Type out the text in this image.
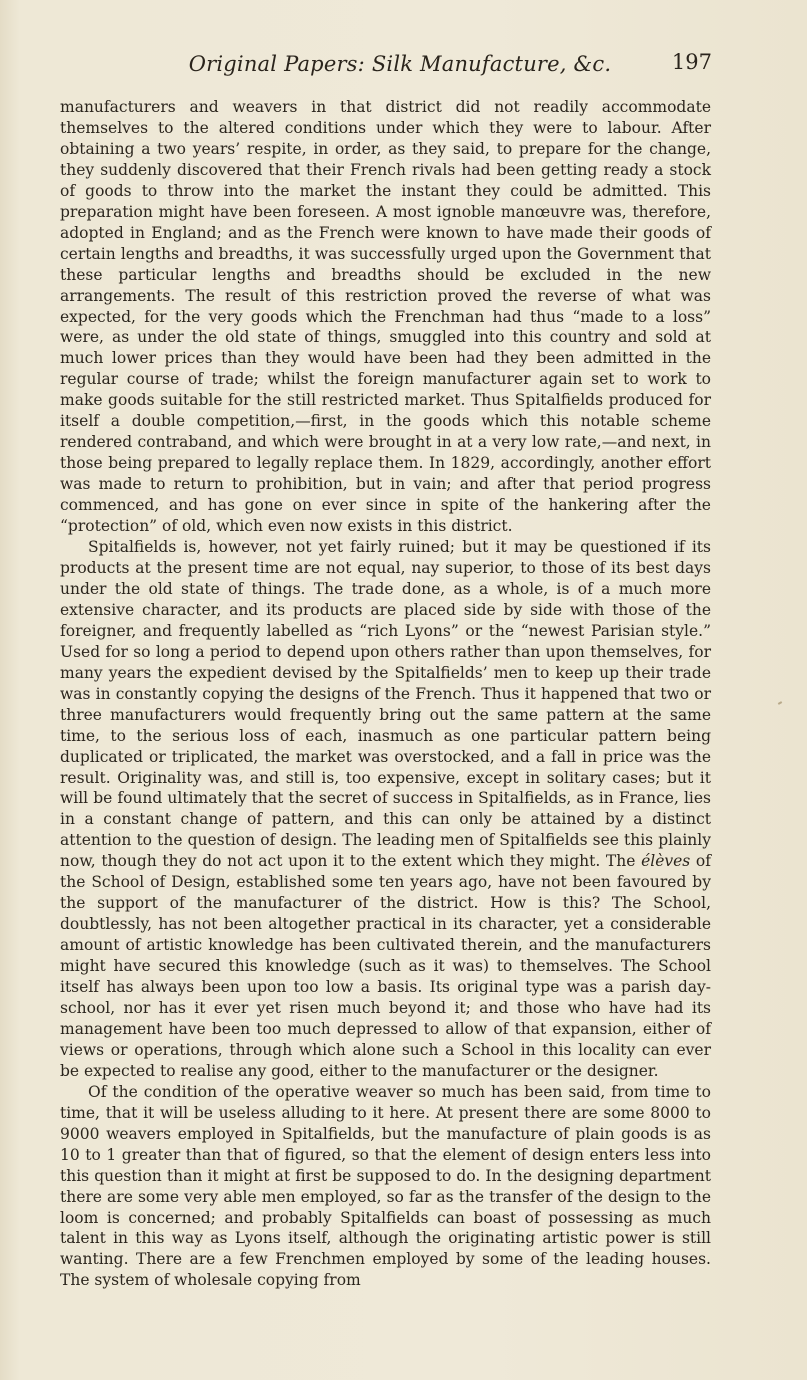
Original Papers: Silk Manufacture, &c.	197

manufacturers and weavers in that district did not readily accommodate themselves to the altered conditions under which they were to labour. After obtaining a two years’ respite, in order, as they said, to prepare for the change, they suddenly discovered that their French rivals had been getting ready a stock of goods to throw into the market the instant they could be admitted. This preparation might have been foreseen. A most ignoble manœuvre was, therefore, adopted in England; and as the French were known to have made their goods of certain lengths and breadths, it was successfully urged upon the Government that these particular lengths and breadths should be excluded in the new arrangements. The result of this restriction proved the reverse of what was expected, for the very goods which the Frenchman had thus “made to a loss” were, as under the old state of things, smuggled into this country and sold at much lower prices than they would have been had they been admitted in the regular course of trade; whilst the foreign manufacturer again set to work to make goods suitable for the still restricted market. Thus Spitalfields produced for itself a double competition,—first, in the goods which this notable scheme rendered contraband, and which were brought in at a very low rate,—and next, in those being prepared to legally replace them. In 1829, accordingly, another effort was made to return to prohibition, but in vain; and after that period progress commenced, and has gone on ever since in spite of the hankering after the “protection” of old, which even now exists in this district.

Spitalfields is, however, not yet fairly ruined; but it may be questioned if its products at the present time are not equal, nay superior, to those of its best days under the old state of things. The trade done, as a whole, is of a much more extensive character, and its products are placed side by side with those of the foreigner, and frequently labelled as “rich Lyons” or the “newest Parisian style.” Used for so long a period to depend upon others rather than upon themselves, for many years the expedient devised by the Spitalfields’ men to keep up their trade was in constantly copying the designs of the French. Thus it happened that two or three manufacturers would frequently bring out the same pattern at the same time, to the serious loss of each, inasmuch as one particular pattern being duplicated or triplicated, the market was overstocked, and a fall in price was the result. Originality was, and still is, too expensive, except in solitary cases; but it will be found ultimately that the secret of success in Spitalfields, as in France, lies in a constant change of pattern, and this can only be attained by a distinct attention to the question of design. The leading men of Spitalfields see this plainly now, though they do not act upon it to the extent which they might. The élèves of the School of Design, established some ten years ago, have not been favoured by the support of the manufacturer of the district. How is this? The School, doubtlessly, has not been altogether practical in its character, yet a considerable amount of artistic knowledge has been cultivated therein, and the manufacturers might have secured this knowledge (such as it was) to themselves. The School itself has always been upon too low a basis. Its original type was a parish day-school, nor has it ever yet risen much beyond it; and those who have had its management have been too much depressed to allow of that expansion, either of views or operations, through which alone such a School in this locality can ever be expected to realise any good, either to the manufacturer or the designer.

Of the condition of the operative weaver so much has been said, from time to time, that it will be useless alluding to it here. At present there are some 8000 to 9000 weavers employed in Spitalfields, but the manufacture of plain goods is as 10 to 1 greater than that of figured, so that the element of design enters less into this question than it might at first be supposed to do. In the designing department there are some very able men employed, so far as the transfer of the design to the loom is concerned; and probably Spitalfields can boast of possessing as much talent in this way as Lyons itself, although the originating artistic power is still wanting. There are a few Frenchmen employed by some of the leading houses. The system of wholesale copying from
